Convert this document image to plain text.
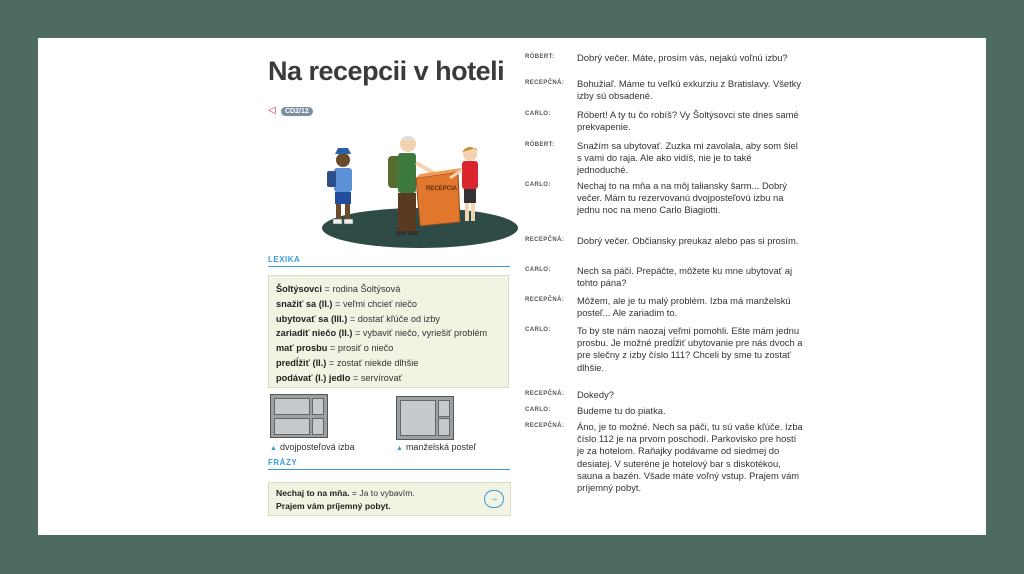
Na recepcii v hoteli
◁	CD2/12
RECEPCIA
LEXIKA
Šoltýsovci = rodina Šoltýsová
snažiť sa (II.) = veľmi chcieť niečo
ubytovať sa (III.) = dostať kľúče od izby
zariadiť niečo (II.) = vybaviť niečo, vyriešiť problém
mať prosbu = prosiť o niečo
predĺžiť (II.) = zostať niekde dlhšie
podávať (I.) jedlo = servírovať
▲ dvojposteľová izba	▲ manželská posteľ
FRÁZY
Nechaj to na mňa. = Ja to vybavím.
Prajem vám príjemný pobyt.
→
RÓBERT: Dobrý večer. Máte, prosím vás, nejakú voľnú izbu?
RECEPČNÁ: Bohužiaľ. Máme tu veľkú exkurziu z Bratislavy. Všetky izby sú obsadené.
CARLO:	Róbert! A ty tu čo robíš? Vy Šoltýsovci ste dnes samé prekvapenie.
RÓBERT: Snažím sa ubytovať. Zuzka mi zavolala, aby som šiel s vami do raja. Ale ako vidíš, nie je to také jednoduché.
CARLO:	Nechaj to na mňa a na môj taliansky šarm... Dobrý večer. Mám tu rezervovanú dvojposteľovú izbu na jednu noc na meno Carlo Biagiotti.
RECEPČNÁ: Dobrý večer. Občiansky preukaz alebo pas si prosím.
CARLO:	Nech sa páči. Prepáčte, môžete ku mne ubytovať aj tohto pána?
RECEPČNÁ: Môžem, ale je tu malý problém. Izba má manželskú posteľ... Ale zariadim to.
CARLO:	To by ste nám naozaj veľmi pomohli. Ešte mám jednu prosbu. Je možné predĺžiť ubytovanie pre nás dvoch a pre slečny z izby číslo 111? Chceli by sme tu zostať dlhšie.
RECEPČNÁ: Dokedy?
CARLO:	Budeme tu do piatka.
RECEPČNÁ: Áno, je to možné. Nech sa páči, tu sú vaše kľúče. Izba číslo 112 je na prvom poschodí. Parkovisko pre hostí je za hotelom. Raňajky podávame od siedmej do desiatej. V suteréne je hotelový bar s diskotékou, sauna a bazén. Všade máte voľný vstup. Prajem vám príjemný pobyt.
